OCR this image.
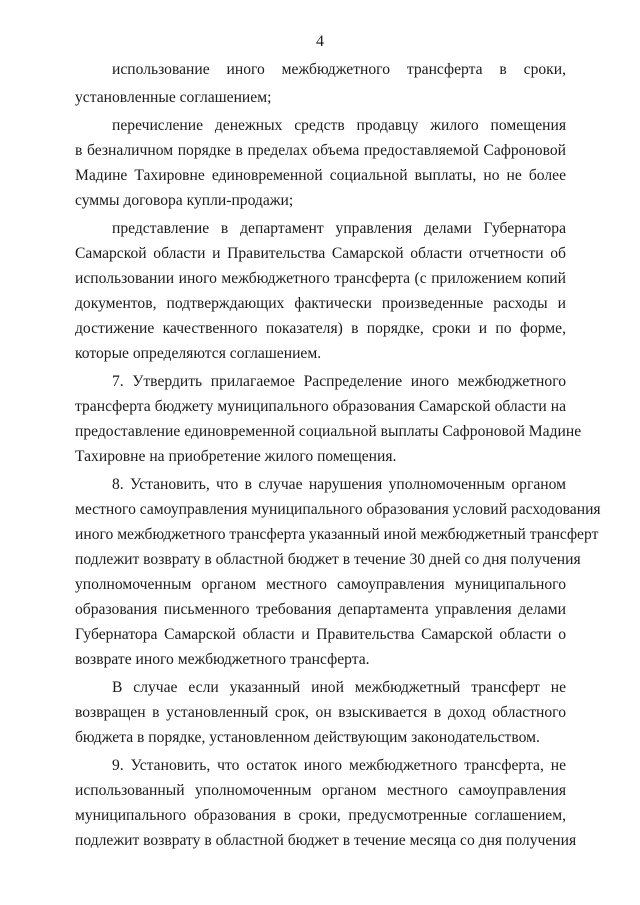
4
использование иного межбюджетного трансферта в сроки,
установленные соглашением;
перечисление денежных средств продавцу жилого помещения
в безналичном порядке в пределах объема предоставляемой Сафроновой
Мадине Тахировне единовременной социальной выплаты, но не более
суммы договора купли-продажи;
представление в департамент управления делами Губернатора
Самарской области и Правительства Самарской области отчетности об
использовании иного межбюджетного трансферта (с приложением копий
документов, подтверждающих фактически произведенные расходы и
достижение качественного показателя) в порядке, сроки и по форме,
которые определяются соглашением.
7. Утвердить прилагаемое Распределение иного межбюджетного
трансферта бюджету муниципального образования Самарской области на
предоставление единовременной социальной выплаты Сафроновой Мадине
Тахировне на приобретение жилого помещения.
8. Установить, что в случае нарушения уполномоченным органом
местного самоуправления муниципального образования условий расходования
иного межбюджетного трансферта указанный иной межбюджетный трансферт
подлежит возврату в областной бюджет в течение 30 дней со дня получения
уполномоченным органом местного самоуправления муниципального
образования письменного требования департамента управления делами
Губернатора Самарской области и Правительства Самарской области о
возврате иного межбюджетного трансферта.
В случае если указанный иной межбюджетный трансферт не
возвращен в установленный срок, он взыскивается в доход областного
бюджета в порядке, установленном действующим законодательством.
9. Установить, что остаток иного межбюджетного трансферта, не
использованный уполномоченным органом местного самоуправления
муниципального образования в сроки, предусмотренные соглашением,
подлежит возврату в областной бюджет в течение месяца со дня получения
